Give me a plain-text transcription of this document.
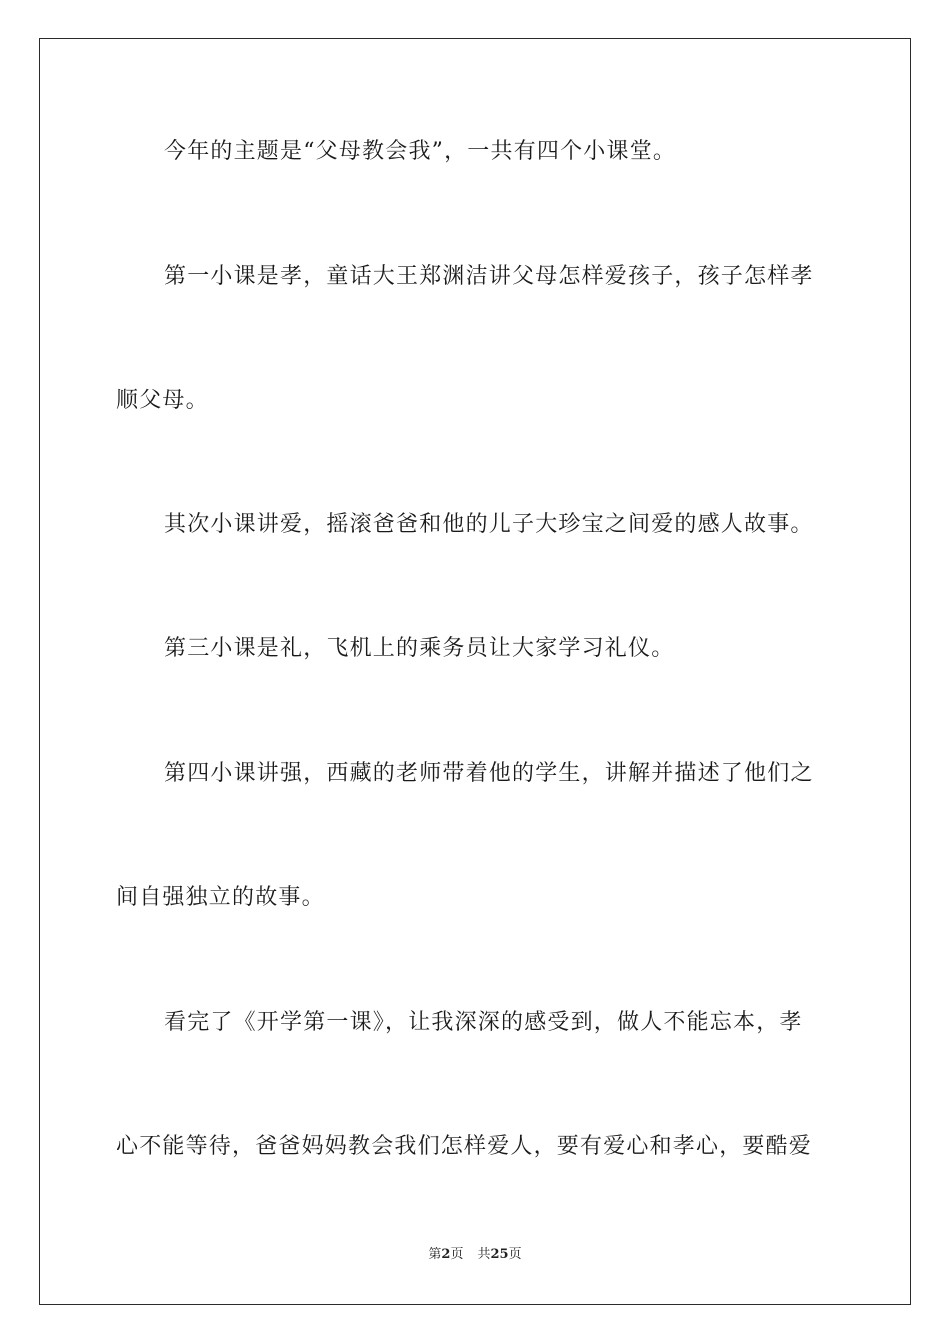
今年的主题是“父母教会我”，一共有四个小课堂。
第一小课是孝，童话大王郑渊洁讲父母怎样爱孩子，孩子怎样孝
顺父母。
其次小课讲爱，摇滚爸爸和他的儿子大珍宝之间爱的感人故事。
第三小课是礼，飞机上的乘务员让大家学习礼仪。
第四小课讲强，西藏的老师带着他的学生，讲解并描述了他们之
间自强独立的故事。
看完了《开学第一课》，让我深深的感受到，做人不能忘本，孝
心不能等待，爸爸妈妈教会我们怎样爱人，要有爱心和孝心，要酷爱
第2页 共25页
